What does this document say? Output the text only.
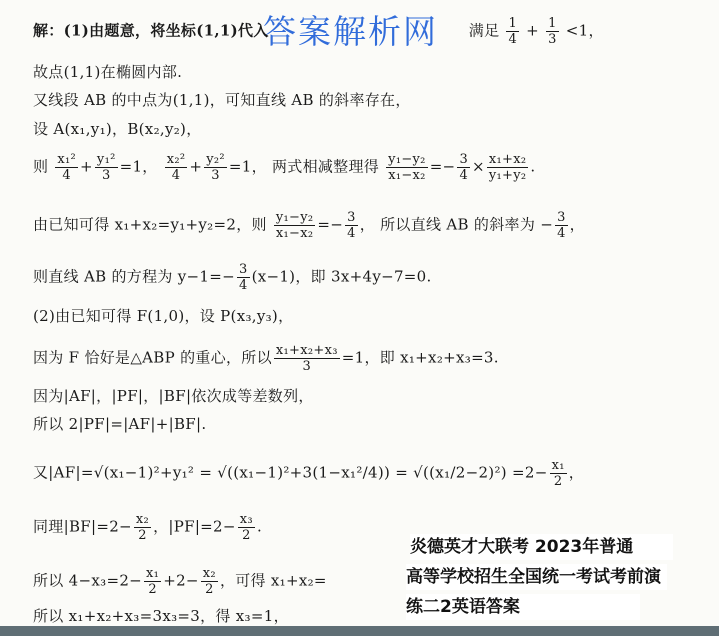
答案解析网
解：(1)由题意，将坐标(1,1)代入	满足 $\frac{1}{4} + \frac{1}{3} <1$，
故点(1,1)在椭圆内部.
又线段 AB 的中点为(1,1)，可知直线 AB 的斜率存在，
设 A(x₁,y₁)，B(x₂,y₂)，
则 $\frac{\text{x₁²}}{4} + \frac{\text{y₁²}}{3} =1$， $\frac{\text{x₂²}}{4} + \frac{\text{y₂²}}{3} =1$， 两式相减整理得 $\frac{\text{y₁−y₂}}{\text{x₁−x₂}} =- \frac{3}{4} \times \frac{\text{x₁+x₂}}{\text{y₁+y₂}}$ .
由已知可得 x₁+x₂=y₁+y₂=2，则 $\frac{\text{y₁−y₂}}{\text{x₁−x₂}} =- \frac{3}{4}$ ， 所以直线 AB 的斜率为 − $\frac{3}{4}$ ，
则直线 AB 的方程为 $y-1=- \frac{3}{4} (x-1)$，即 3x+4y−7=0.
(2)由已知可得 F(1,0)，设 P(x₃,y₃)，
因为 F 恰好是△ABP 的重心，所以 $\frac{\text{x₁+x₂+x₃}}{3} =1$，即 x₁+x₂+x₃=3.
因为|AF|，|PF|，|BF|依次成等差数列，
所以 2|PF|=|AF|+|BF|.
又$|AF|=√(x_1-1)^2+y_1^2 = √((x_1-1)^2+3(1-x_1^2/4)) = √((x_1/2-2)^2) =2- \frac{\text{x₁}}{2}$ ，
同理$|BF|=2- \frac{\text{x₂}}{2}$ ，$|PF|=2- \frac{\text{x₃}}{2}$ .
所以 $4-x_3=2- \frac{\text{x₁}}{2} +2- \frac{\text{x₂}}{2}$ ，可得 x₁+x₂=
所以 x₁+x₂+x₃=3x₃=3，得 x₃=1，
炎德英才大联考 2023年普通
高等学校招生全国统一考试考前演
练二2英语答案
